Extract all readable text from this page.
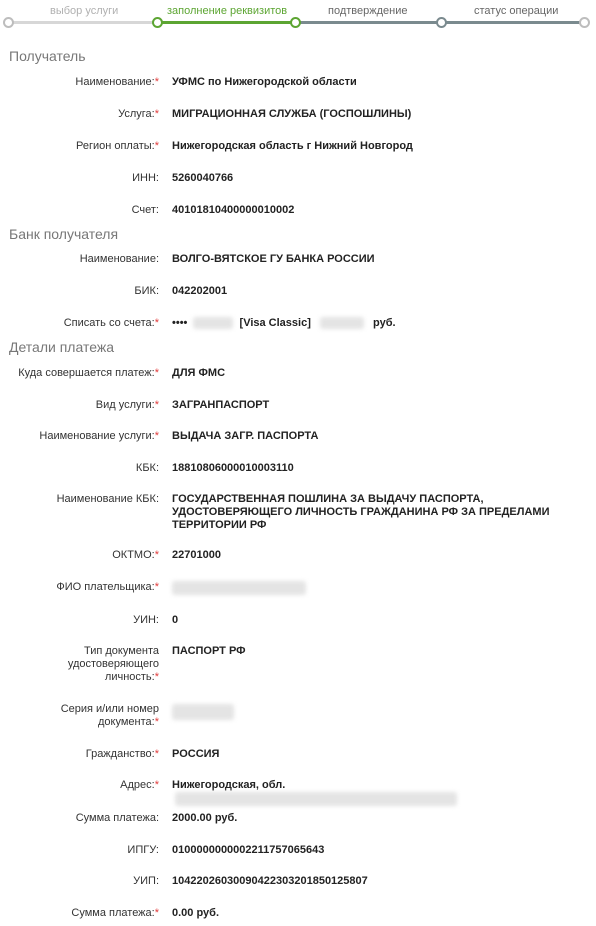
выбор услуги	заполнение реквизитов	подтверждение	статус операции
Получатель
Наименование:* УФМС по Нижегородской области
Услуга:* МИГРАЦИОННАЯ СЛУЖБА (ГОСПОШЛИНЫ)
Регион оплаты:* Нижегородская область г Нижний Новгород
ИНН: 5260040766
Счет: 40101810400000010002
Банк получателя
Наименование: ВОЛГО-ВЯТСКОЕ ГУ БАНКА РОССИИ
БИК: 042202001
Списать со счета:* ••••	[Visa Classic]	руб.
Детали платежа
Куда совершается платеж:* ДЛЯ ФМС
Вид услуги:* ЗАГРАНПАСПОРТ
Наименование услуги:* ВЫДАЧА ЗАГР. ПАСПОРТА
КБК: 18810806000010003110
Наименование КБК: ГОСУДАРСТВЕННАЯ ПОШЛИНА ЗА ВЫДАЧУ ПАСПОРТА, УДОСТОВЕРЯЮЩЕГО ЛИЧНОСТЬ ГРАЖДАНИНА РФ ЗА ПРЕДЕЛАМИ ТЕРРИТОРИИ РФ
ОКТМО:* 22701000
ФИО плательщика:*
УИН: 0
Тип документа удостоверяющего личность:*
ПАСПОРТ РФ
Серия и/или номер документа:*
Гражданство:* РОССИЯ
Адрес:* Нижегородская, обл.
Сумма платежа: 2000.00 руб.
ИПГУ: 0100000000002211757065643
УИП: 10422026030090422303201850125807
Сумма платежа:* 0.00 руб.
